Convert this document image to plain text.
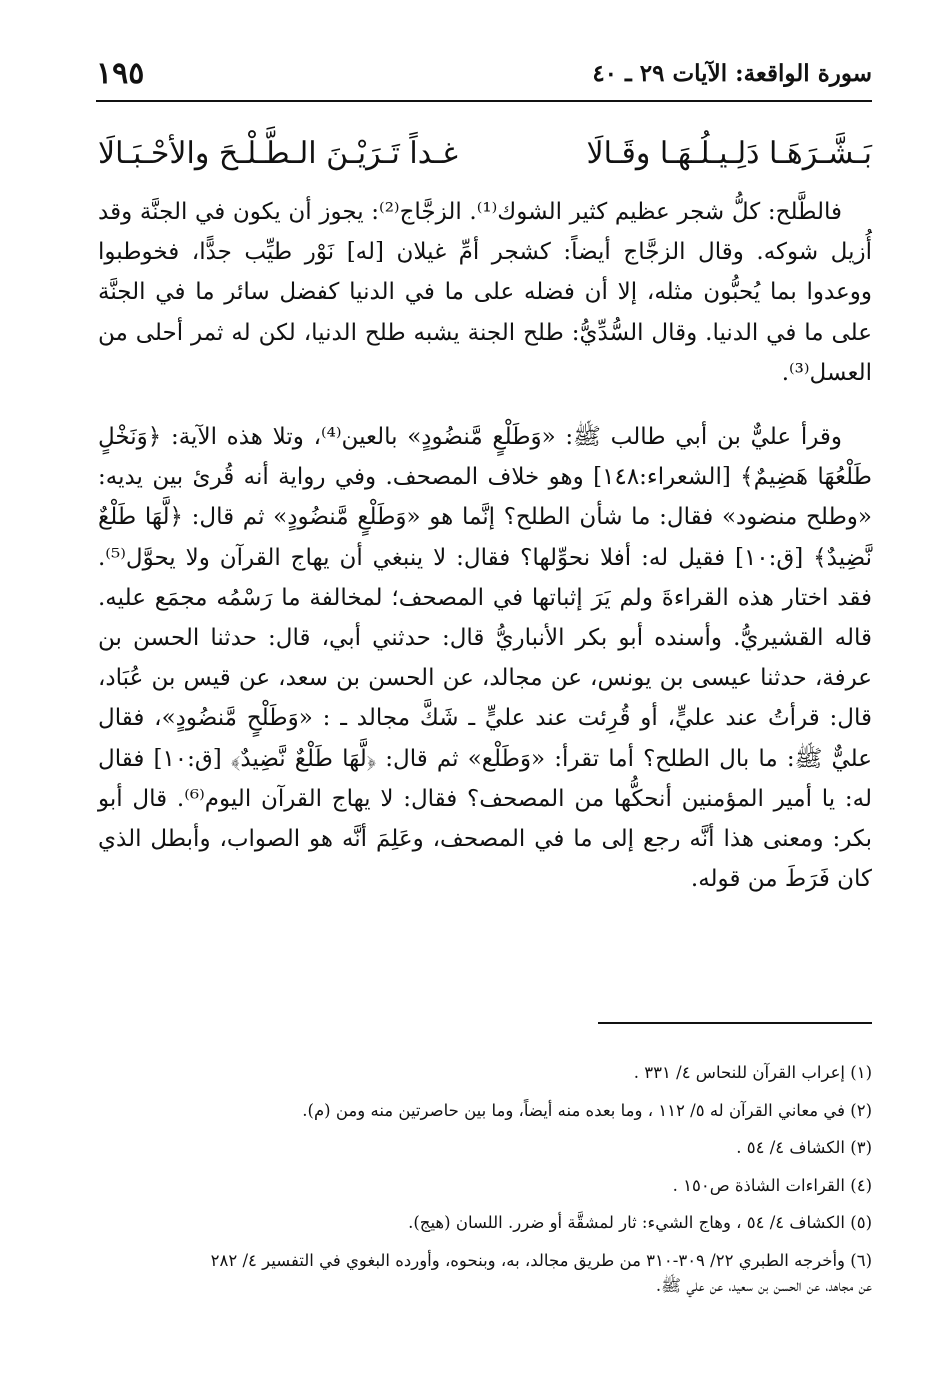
سورة الواقعة: الآيات ٢٩ ـ ٤٠
١٩٥
بَـشَّـرَهَـا دَلِـيـلُـهَـا وقَـالَا
غـداً تَـرَيْـنَ الـطَّـلْـحَ والأحْـبَـالَا

فالطَّلح: كلُّ شجر عظيم كثير الشوك⁽¹⁾. الزجَّاج⁽²⁾: يجوز أن يكون في الجنَّة وقد أُزيل شوكه. وقال الزجَّاج أيضاً: كشجر أمِّ غيلان [له] نَوْر طيِّب جدًّا، فخوطبوا ووعدوا بما يُحبُّون مثله، إلا أن فضله على ما في الدنيا كفضل سائر ما في الجنَّة على ما في الدنيا. وقال السُّدِّيُّ: طلح الجنة يشبه طلح الدنيا، لكن له ثمر أحلى من العسل⁽³⁾.

وقرأ عليٌّ بن أبي طالب ﷺ: «وَطَلْعٍ مَّنضُودٍ» بالعين⁽⁴⁾، وتلا هذه الآية: ﴿وَنَخْلٍ طَلْعُهَا هَضِيمٌ﴾ [الشعراء:١٤٨] وهو خلاف المصحف. وفي رواية أنه قُرئ بين يديه: «وطلح منضود» فقال: ما شأن الطلح؟ إنَّما هو «وَطَلْعٍ مَّنضُودٍ» ثم قال: ﴿لَّهَا طَلْعٌ نَّضِيدٌ﴾ [ق:١٠] فقيل له: أفلا نحوِّلها؟ فقال: لا ينبغي أن يهاج القرآن ولا يحوَّل⁽⁵⁾. فقد اختار هذه القراءةَ ولم يَرَ إثباتها في المصحف؛ لمخالفة ما رَسْمُه مجمَع عليه. قاله القشيريُّ. وأسنده أبو بكر الأنباريُّ قال: حدثني أبي، قال: حدثنا الحسن بن عرفة، حدثنا عيسى بن يونس، عن مجالد، عن الحسن بن سعد، عن قيس بن عُبَاد، قال: قرأتُ عند عليٍّ، أو قُرِئت عند عليٍّ ـ شَكَّ مجالد ـ : «وَطَلْحٍ مَّنضُودٍ»، فقال عليٌّ ﷺ: ما بال الطلح؟ أما تقرأ: «وَطَلْع» ثم قال: ﴿لَّهَا طَلْعٌ نَّضِيدٌ﴾ [ق:١٠] فقال له: يا أمير المؤمنين أنحكُّها من المصحف؟ فقال: لا يهاج القرآن اليوم⁽⁶⁾. قال أبو بكر: ومعنى هذا أنَّه رجع إلى ما في المصحف، وعَلِمَ أنَّه هو الصواب، وأبطل الذي كان فَرَطَ من قوله.

(١) إعراب القرآن للنحاس ٤/ ٣٣١ .

(٢) في معاني القرآن له ٥/ ١١٢ ، وما بعده منه أيضاً، وما بين حاصرتين منه ومن (م).

(٣) الكشاف ٤/ ٥٤ .

(٤) القراءات الشاذة ص١٥٠ .

(٥) الكشاف ٤/ ٥٤ ، وهاج الشيء: ثار لمشقَّة أو ضرر. اللسان (هيج).

(٦) وأخرجه الطبري ٢٢/ ٣٠٩-٣١٠ من طريق مجالد، به، وبنحوه، وأورده البغوي في التفسير ٤/ ٢٨٢

عن مجاهد، عن الحسن بن سعيد، عن علي ﷺ.
